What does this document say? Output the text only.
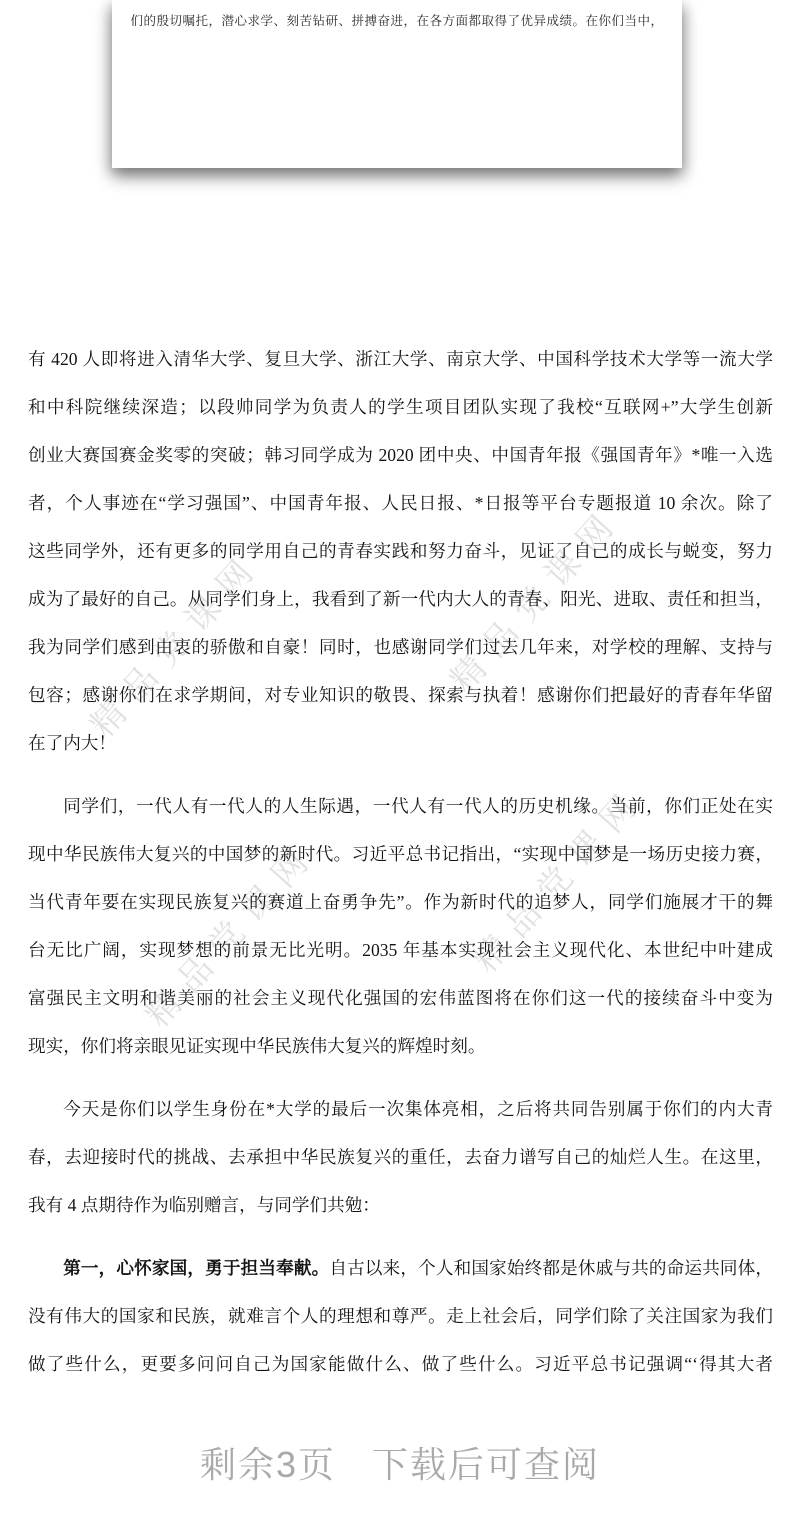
们的殷切嘱托，潜心求学、刻苦钻研、拼搏奋进，在各方面都取得了优异成绩。在你们当中，
精品党课网	精品党课网
精品党课网	精品党课网
有 420 人即将进入清华大学、复旦大学、浙江大学、南京大学、中国科学技术大学等一流大学
和中科院继续深造；以段帅同学为负责人的学生项目团队实现了我校“互联网+”大学生创新
创业大赛国赛金奖零的突破；韩习同学成为 2020 团中央、中国青年报《强国青年》*唯一入选
者，个人事迹在“学习强国”、中国青年报、人民日报、*日报等平台专题报道 10 余次。除了
这些同学外，还有更多的同学用自己的青春实践和努力奋斗，见证了自己的成长与蜕变，努力
成为了最好的自己。从同学们身上，我看到了新一代内大人的青春、阳光、进取、责任和担当，
我为同学们感到由衷的骄傲和自豪！同时，也感谢同学们过去几年来，对学校的理解、支持与
包容；感谢你们在求学期间，对专业知识的敬畏、探索与执着！感谢你们把最好的青春年华留
在了内大！
同学们，一代人有一代人的人生际遇，一代人有一代人的历史机缘。当前，你们正处在实
现中华民族伟大复兴的中国梦的新时代。习近平总书记指出，“实现中国梦是一场历史接力赛，
当代青年要在实现民族复兴的赛道上奋勇争先”。作为新时代的追梦人，同学们施展才干的舞
台无比广阔，实现梦想的前景无比光明。2035 年基本实现社会主义现代化、本世纪中叶建成
富强民主文明和谐美丽的社会主义现代化强国的宏伟蓝图将在你们这一代的接续奋斗中变为
现实，你们将亲眼见证实现中华民族伟大复兴的辉煌时刻。
今天是你们以学生身份在*大学的最后一次集体亮相，之后将共同告别属于你们的内大青
春，去迎接时代的挑战、去承担中华民族复兴的重任，去奋力谱写自己的灿烂人生。在这里，
我有 4 点期待作为临别赠言，与同学们共勉：
第一，心怀家国，勇于担当奉献。自古以来，个人和国家始终都是休戚与共的命运共同体，
没有伟大的国家和民族，就难言个人的理想和尊严。走上社会后，同学们除了关注国家为我们
做了些什么，更要多问问自己为国家能做什么、做了些什么。习近平总书记强调“‘得其大者
剩余3页 下载后可查阅
